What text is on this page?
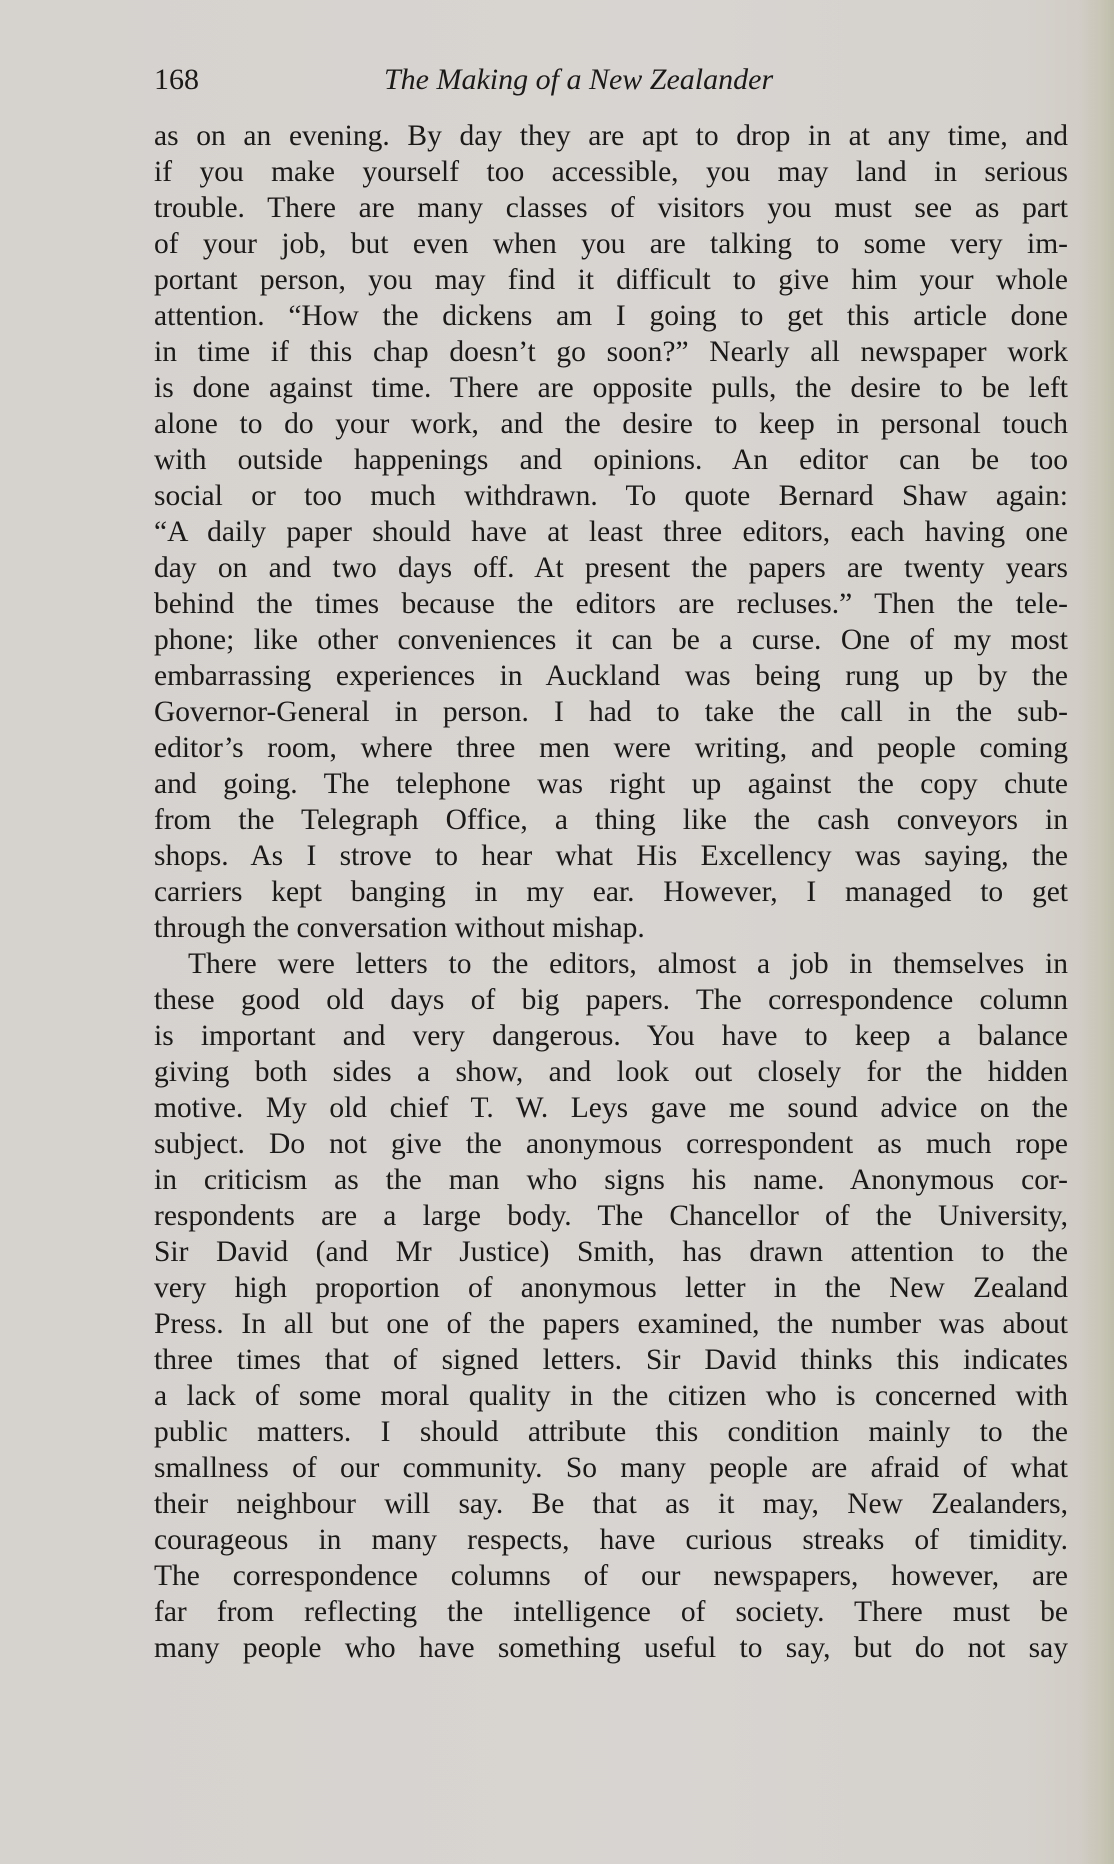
168	The Making of a New Zealander
as on an evening. By day they are apt to drop in at any time, and
if you make yourself too accessible, you may land in serious
trouble. There are many classes of visitors you must see as part
of your job, but even when you are talking to some very im-
portant person, you may find it difficult to give him your whole
attention. “How the dickens am I going to get this article done
in time if this chap doesn’t go soon?” Nearly all newspaper work
is done against time. There are opposite pulls, the desire to be left
alone to do your work, and the desire to keep in personal touch
with outside happenings and opinions. An editor can be too
social or too much withdrawn. To quote Bernard Shaw again:
“A daily paper should have at least three editors, each having one
day on and two days off. At present the papers are twenty years
behind the times because the editors are recluses.” Then the tele-
phone; like other conveniences it can be a curse. One of my most
embarrassing experiences in Auckland was being rung up by the
Governor-General in person. I had to take the call in the sub-
editor’s room, where three men were writing, and people coming
and going. The telephone was right up against the copy chute
from the Telegraph Office, a thing like the cash conveyors in
shops. As I strove to hear what His Excellency was saying, the
carriers kept banging in my ear. However, I managed to get
through the conversation without mishap.
There were letters to the editors, almost a job in themselves in
these good old days of big papers. The correspondence column
is important and very dangerous. You have to keep a balance
giving both sides a show, and look out closely for the hidden
motive. My old chief T. W. Leys gave me sound advice on the
subject. Do not give the anonymous correspondent as much rope
in criticism as the man who signs his name. Anonymous cor-
respondents are a large body. The Chancellor of the University,
Sir David (and Mr Justice) Smith, has drawn attention to the
very high proportion of anonymous letter in the New Zealand
Press. In all but one of the papers examined, the number was about
three times that of signed letters. Sir David thinks this indicates
a lack of some moral quality in the citizen who is concerned with
public matters. I should attribute this condition mainly to the
smallness of our community. So many people are afraid of what
their neighbour will say. Be that as it may, New Zealanders,
courageous in many respects, have curious streaks of timidity.
The correspondence columns of our newspapers, however, are
far from reflecting the intelligence of society. There must be
many people who have something useful to say, but do not say
